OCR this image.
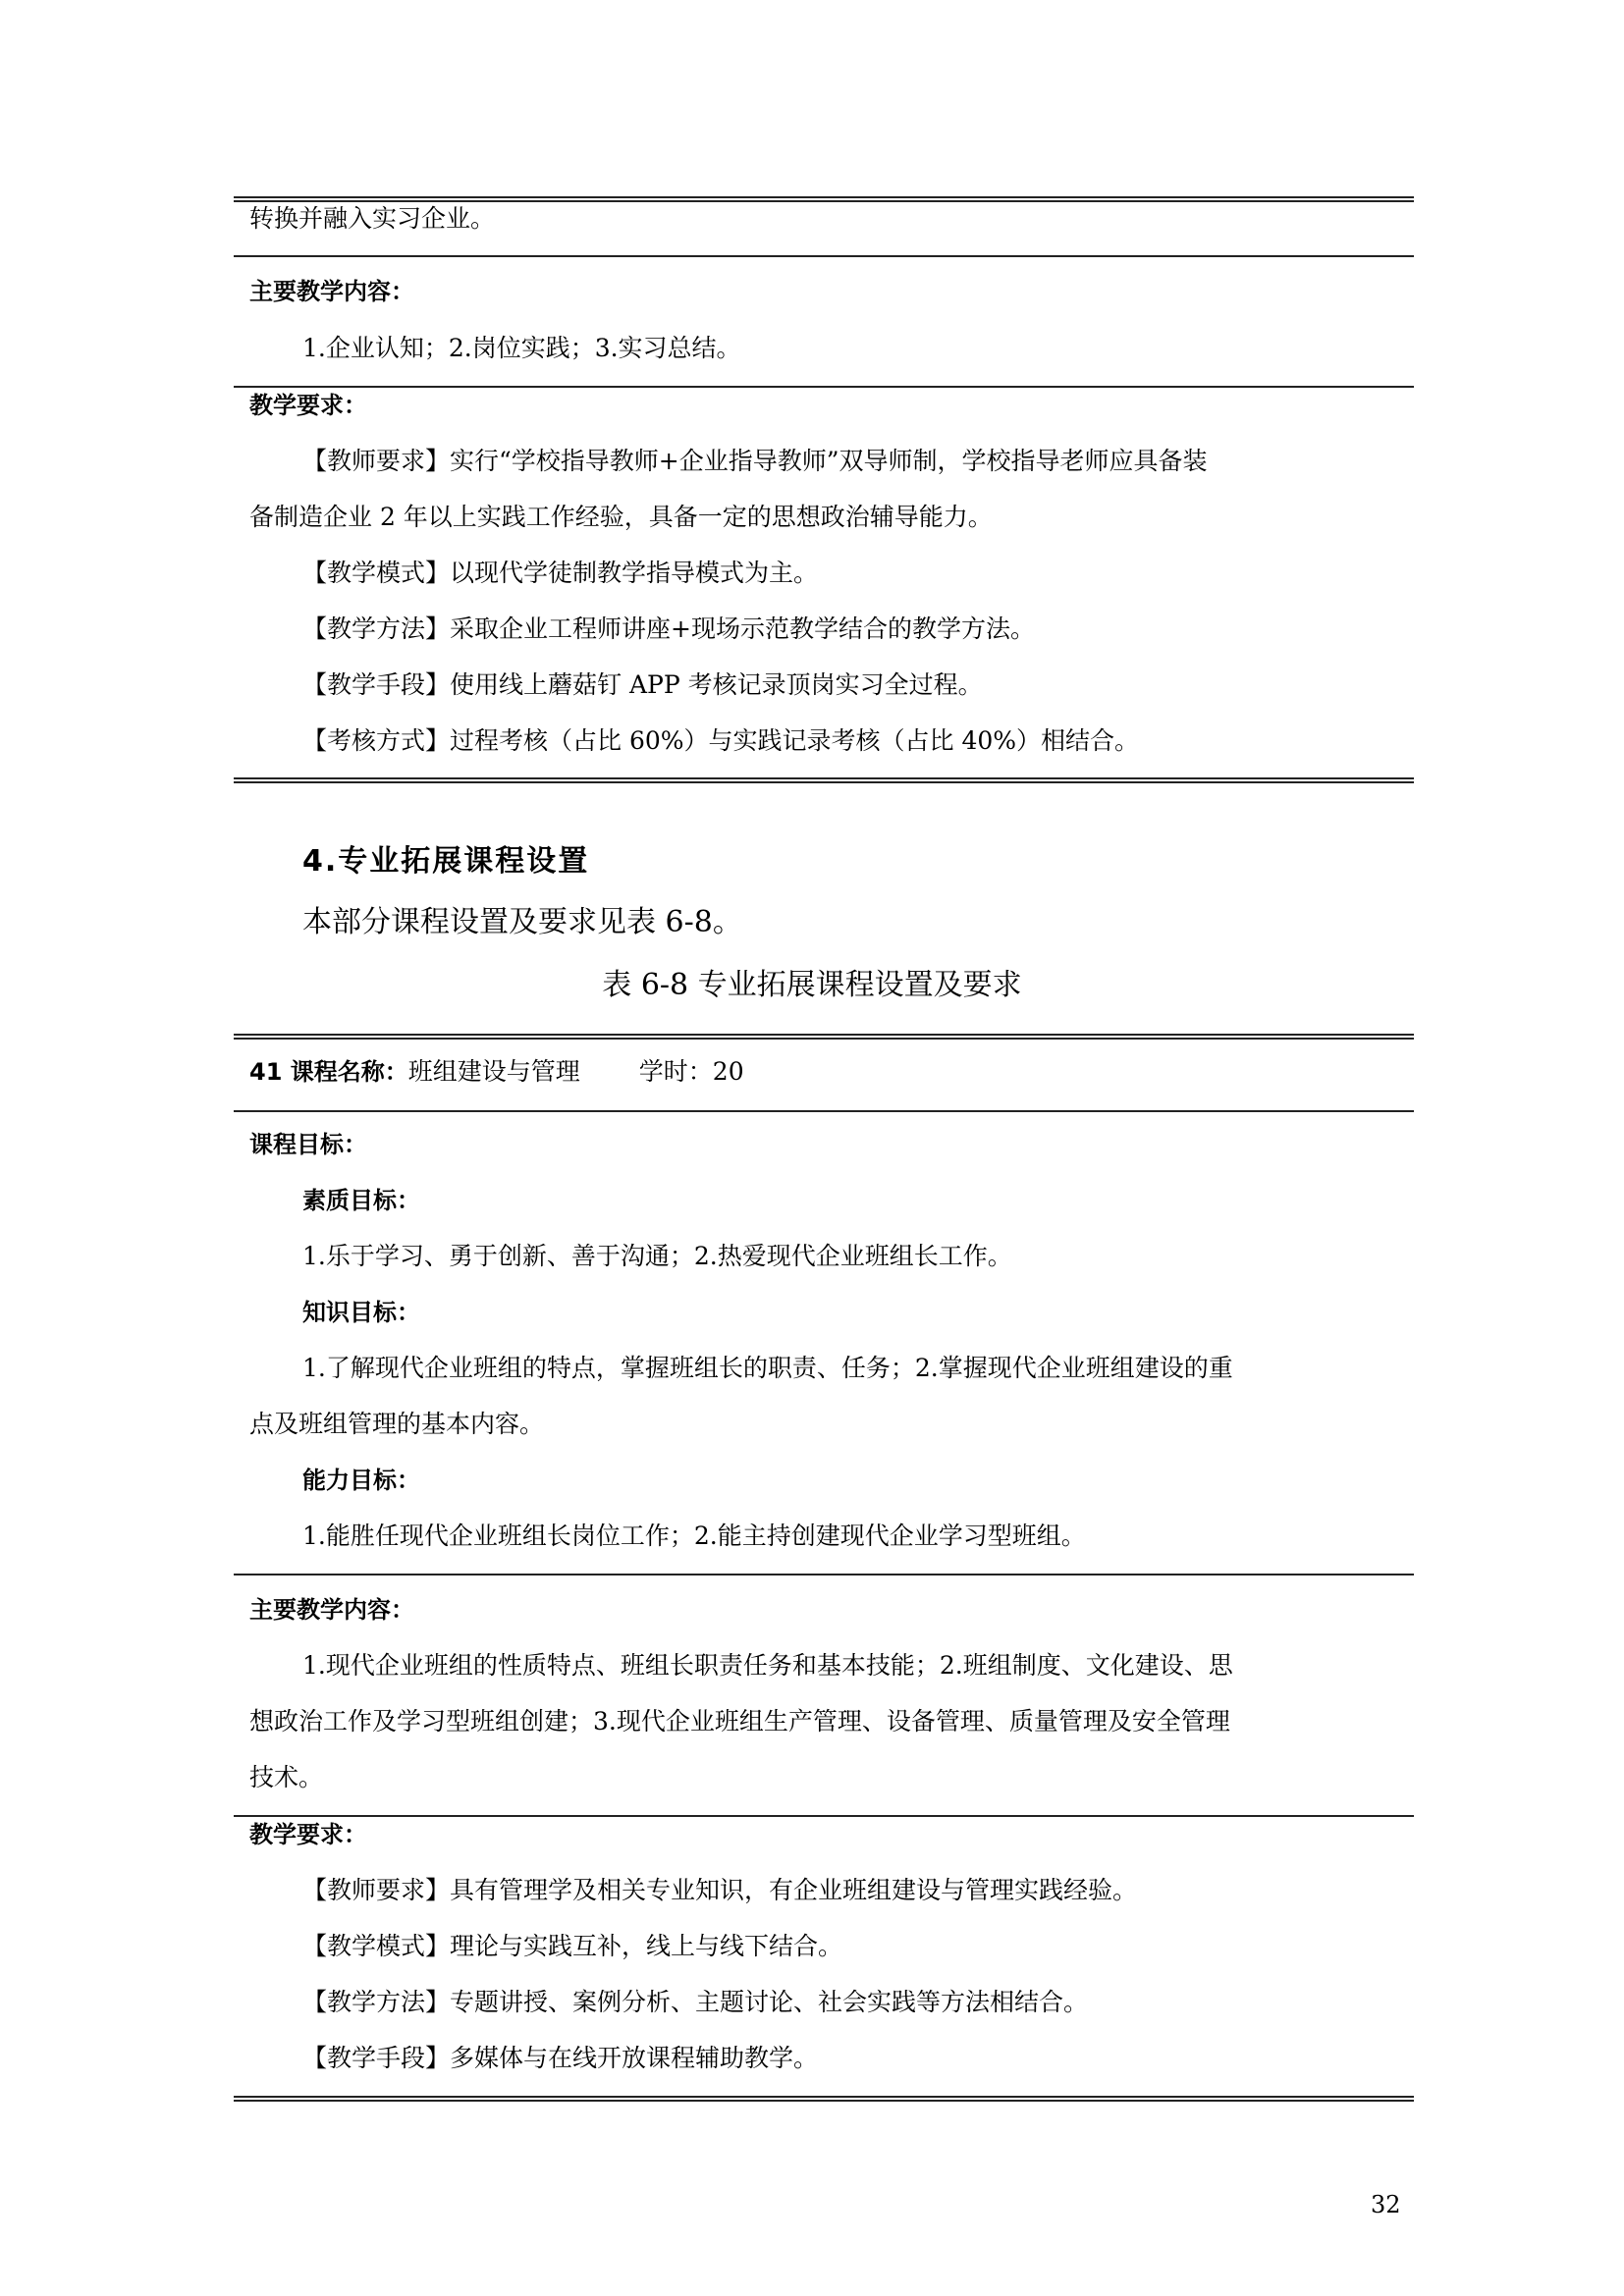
转换并融入实习企业。
主要教学内容：
1.企业认知；2.岗位实践；3.实习总结。
教学要求：
【教师要求】实行“学校指导教师+企业指导教师”双导师制，学校指导老师应具备装
备制造企业 2 年以上实践工作经验，具备一定的思想政治辅导能力。
【教学模式】以现代学徒制教学指导模式为主。
【教学方法】采取企业工程师讲座+现场示范教学结合的教学方法。
【教学手段】使用线上蘑菇钉 APP 考核记录顶岗实习全过程。
【考核方式】过程考核（占比 60%）与实践记录考核（占比 40%）相结合。
4.专业拓展课程设置
本部分课程设置及要求见表 6-8。
表 6-8 专业拓展课程设置及要求
41 课程名称：班组建设与管理 学时：20
课程目标：
素质目标：
1.乐于学习、勇于创新、善于沟通；2.热爱现代企业班组长工作。
知识目标：
1.了解现代企业班组的特点，掌握班组长的职责、任务；2.掌握现代企业班组建设的重
点及班组管理的基本内容。
能力目标：
1.能胜任现代企业班组长岗位工作；2.能主持创建现代企业学习型班组。
主要教学内容：
1.现代企业班组的性质特点、班组长职责任务和基本技能；2.班组制度、文化建设、思
想政治工作及学习型班组创建；3.现代企业班组生产管理、设备管理、质量管理及安全管理
技术。
教学要求：
【教师要求】具有管理学及相关专业知识，有企业班组建设与管理实践经验。
【教学模式】理论与实践互补，线上与线下结合。
【教学方法】专题讲授、案例分析、主题讨论、社会实践等方法相结合。
【教学手段】多媒体与在线开放课程辅助教学。
32
